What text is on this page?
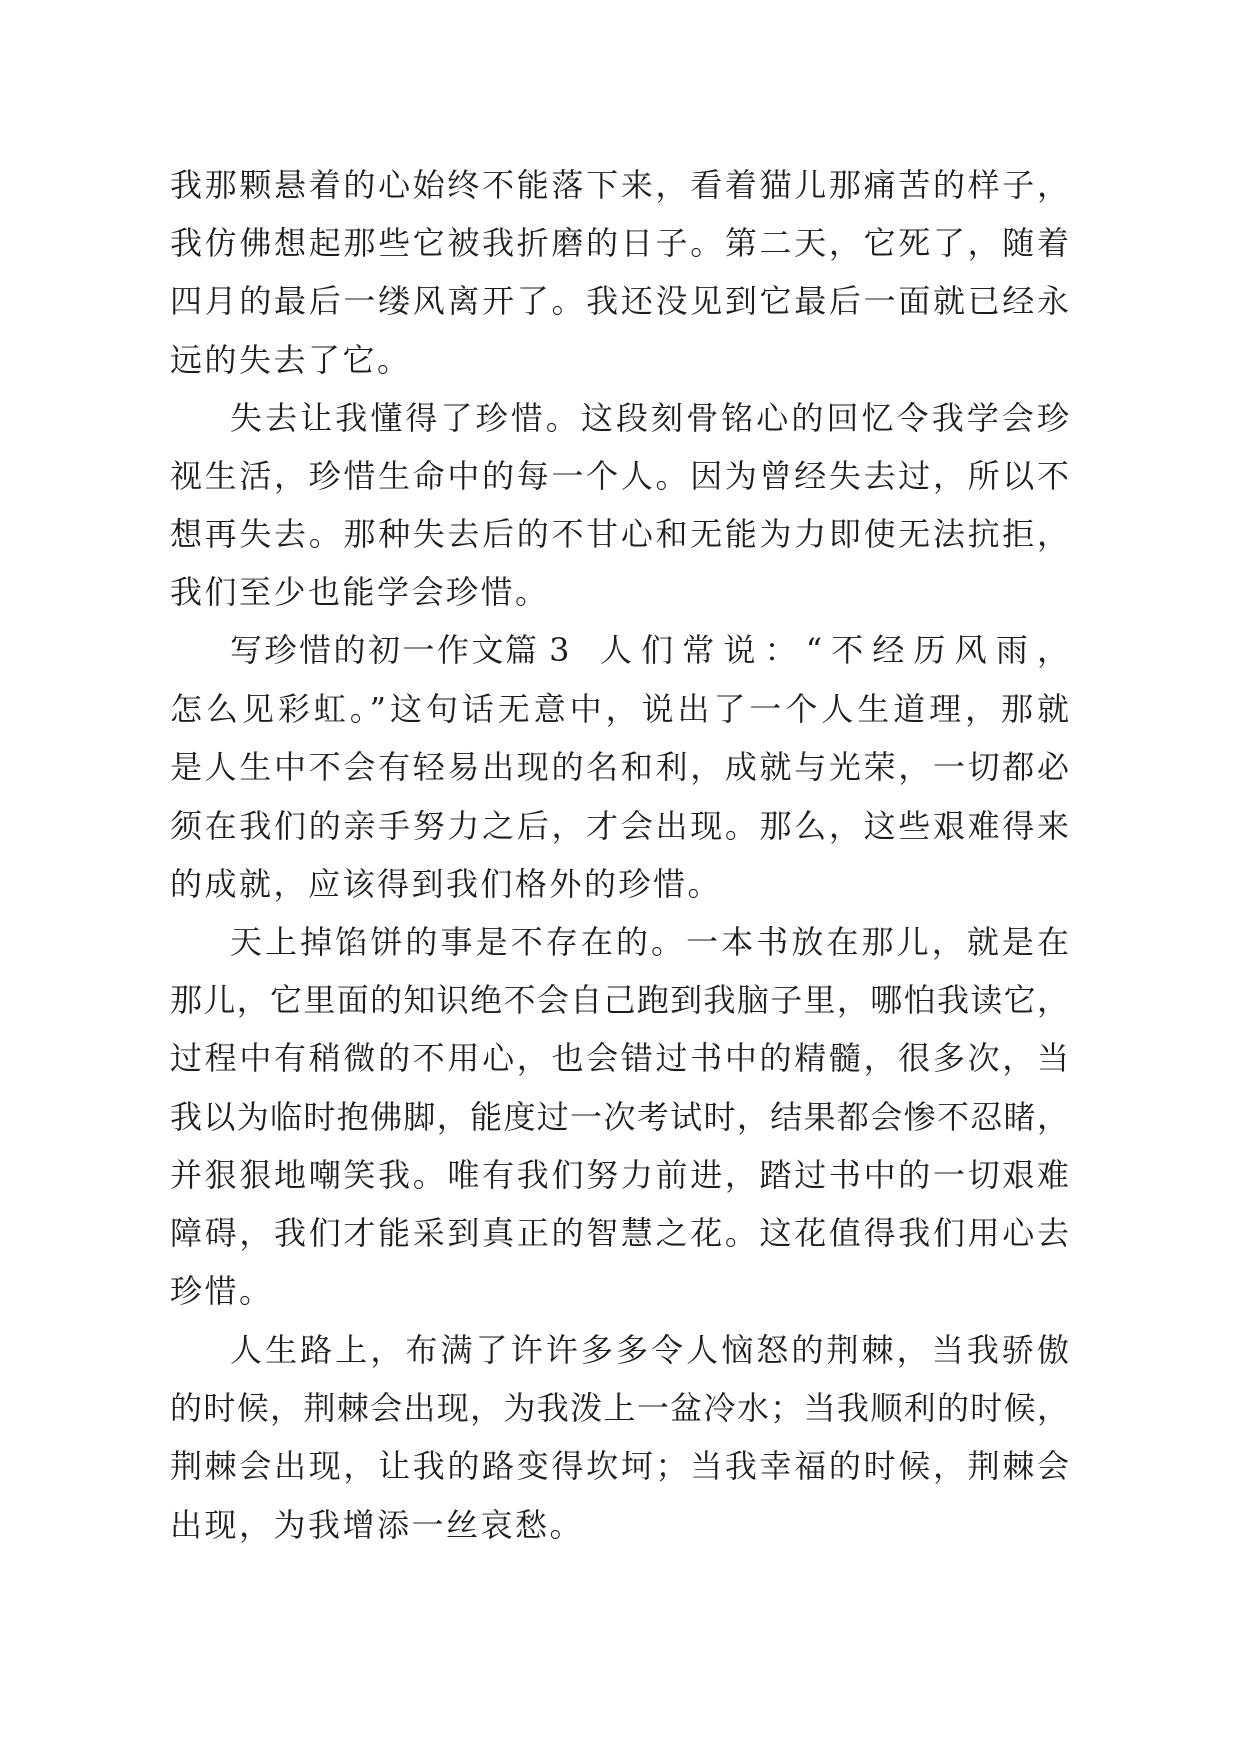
我那颗悬着的心始终不能落下来，看着猫儿那痛苦的样子，
我仿佛想起那些它被我折磨的日子。第二天，它死了，随着
四月的最后一缕风离开了。我还没见到它最后一面就已经永
远的失去了它。
失去让我懂得了珍惜。这段刻骨铭心的回忆令我学会珍
视生活，珍惜生命中的每一个人。因为曾经失去过，所以不
想再失去。那种失去后的不甘心和无能为力即使无法抗拒，
我们至少也能学会珍惜。
写珍惜的初一作文
篇 3 人们常说：“不经历风雨，
怎么见彩虹。”这句话无意中，说出了一个人生道理，那就
是人生中不会有轻易出现的名和利，成就与光荣，一切都必
须在我们的亲手努力之后，才会出现。那么，这些艰难得来
的成就，应该得到我们格外的珍惜。
天上掉馅饼的事是不存在的。一本书放在那儿，就是在
那儿，它里面的知识绝不会自己跑到我脑子里，哪怕我读它，
过程中有稍微的不用心，也会错过书中的精髓，很多次，当
我以为临时抱佛脚，能度过一次考试时，结果都会惨不忍睹，
并狠狠地嘲笑我。唯有我们努力前进，踏过书中的一切艰难
障碍，我们才能采到真正的智慧之花。这花值得我们用心去
珍惜。
人生路上，布满了许许多多令人恼怒的荆棘，当我骄傲
的时候，荆棘会出现，为我泼上一盆冷水；当我顺利的时候，
荆棘会出现，让我的路变得坎坷；当我幸福的时候，荆棘会
出现，为我增添一丝哀愁。
